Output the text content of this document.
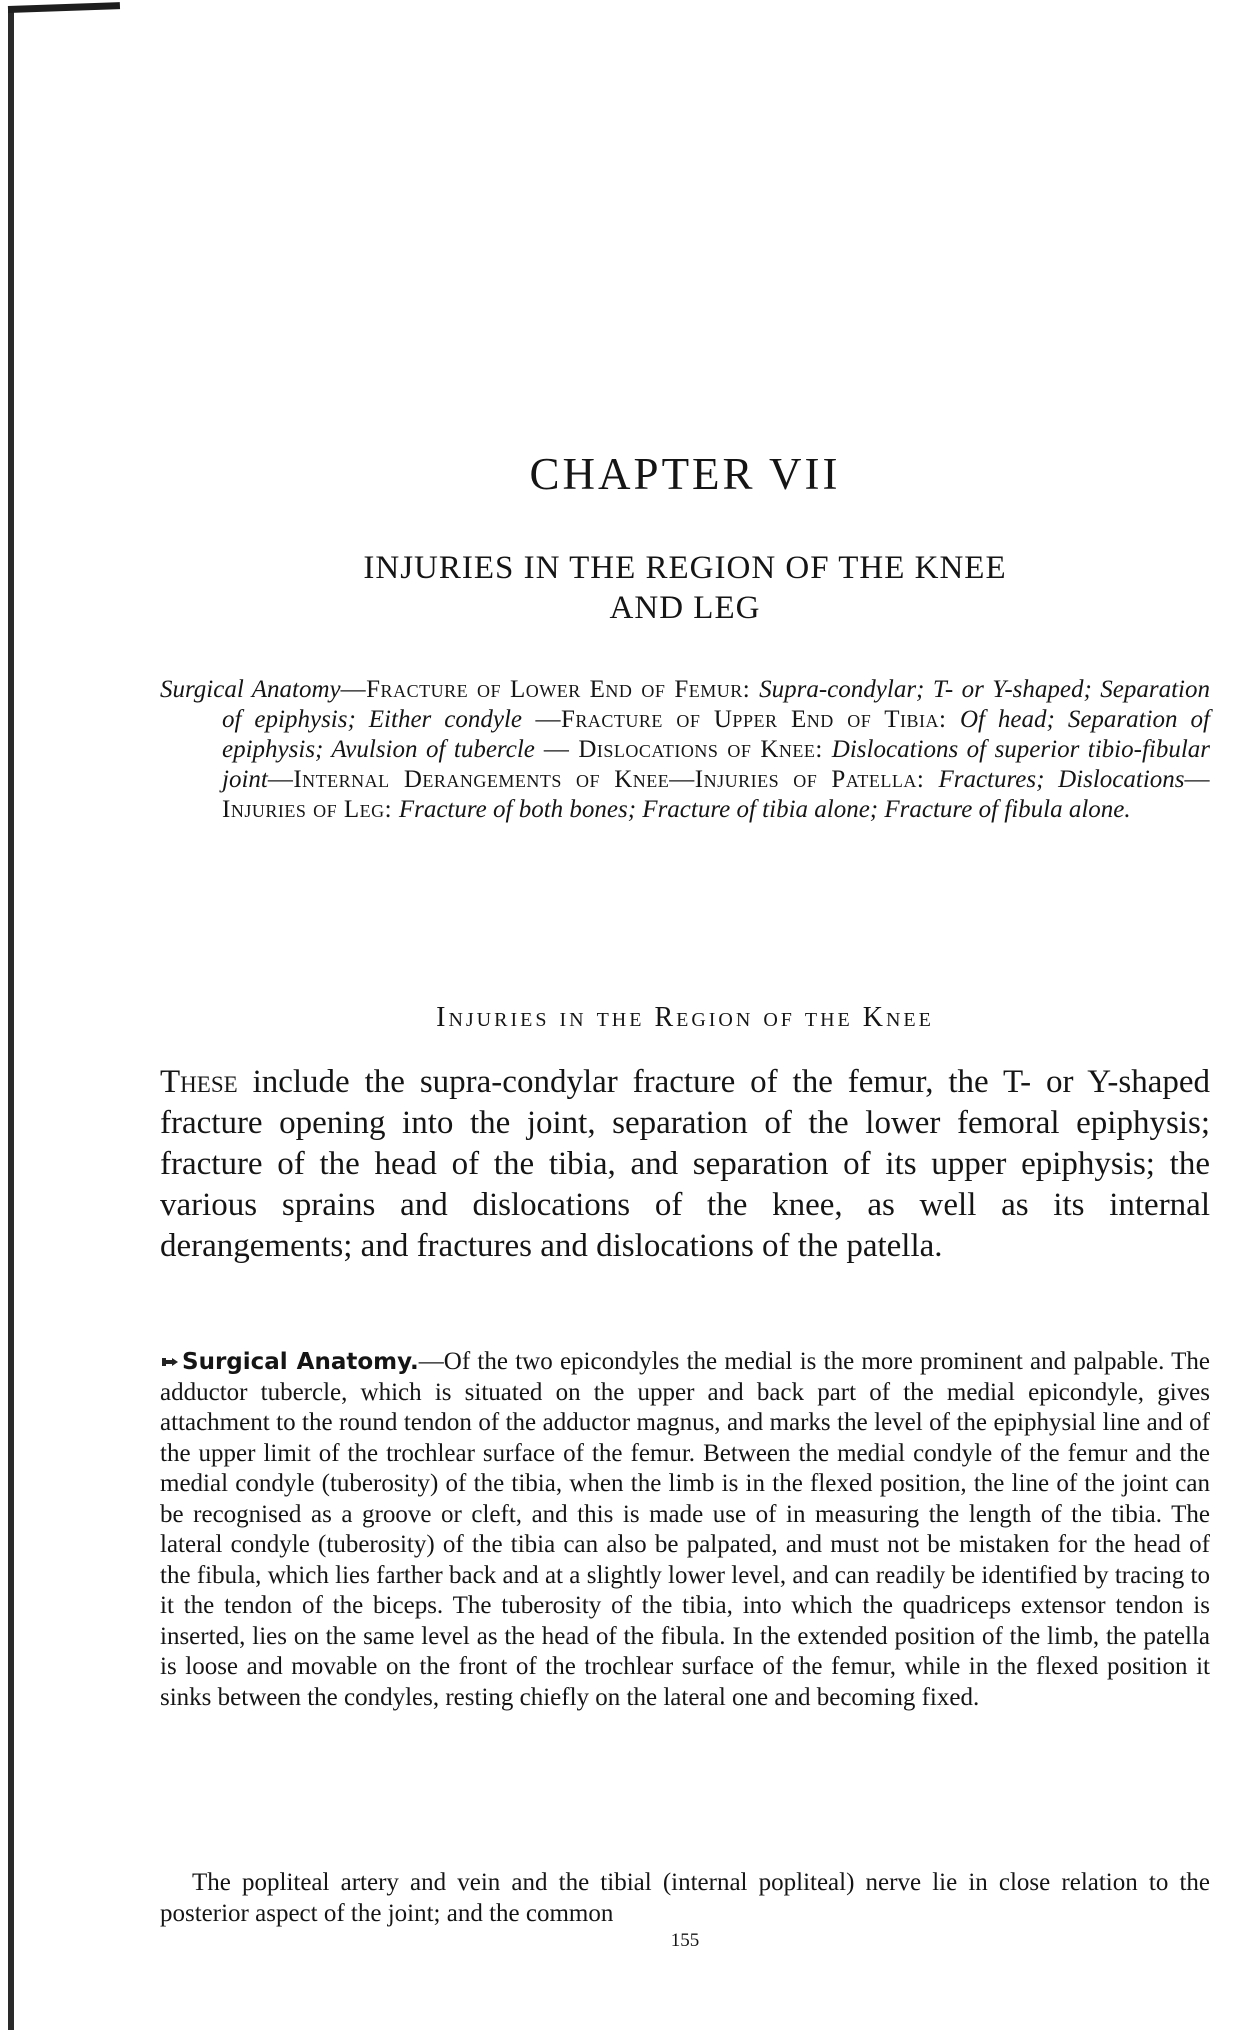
CHAPTER VII
INJURIES IN THE REGION OF THE KNEE
AND LEG
Surgical Anatomy—Fracture of Lower End of Femur: Supra-condylar; T- or Y-shaped; Separation of epiphysis; Either condyle —Fracture of Upper End of Tibia: Of head; Separation of epiphysis; Avulsion of tubercle — Dislocations of Knee: Dislocations of superior tibio-fibular joint—Internal Derangements of Knee—Injuries of Patella: Fractures; Dislocations—Injuries of Leg: Fracture of both bones; Fracture of tibia alone; Fracture of fibula alone.
Injuries in the Region of the Knee

These include the supra-condylar fracture of the femur, the T- or Y-shaped fracture opening into the joint, separation of the lower femoral epiphysis; fracture of the head of the tibia, and separation of its upper epiphysis; the various sprains and dislocations of the knee, as well as its internal derangements; and fractures and dislocations of the patella.

Surgical Anatomy.—Of the two epicondyles the medial is the more prominent and palpable. The adductor tubercle, which is situated on the upper and back part of the medial epicondyle, gives attachment to the round tendon of the adductor magnus, and marks the level of the epiphysial line and of the upper limit of the trochlear surface of the femur. Between the medial condyle of the femur and the medial condyle (tuberosity) of the tibia, when the limb is in the flexed position, the line of the joint can be recognised as a groove or cleft, and this is made use of in measuring the length of the tibia. The lateral condyle (tuberosity) of the tibia can also be palpated, and must not be mistaken for the head of the fibula, which lies farther back and at a slightly lower level, and can readily be identified by tracing to it the tendon of the biceps. The tuberosity of the tibia, into which the quadriceps extensor tendon is inserted, lies on the same level as the head of the fibula. In the extended position of the limb, the patella is loose and movable on the front of the trochlear surface of the femur, while in the flexed position it sinks between the condyles, resting chiefly on the lateral one and becoming fixed.

The popliteal artery and vein and the tibial (internal popliteal) nerve lie in close relation to the posterior aspect of the joint; and the common

155
